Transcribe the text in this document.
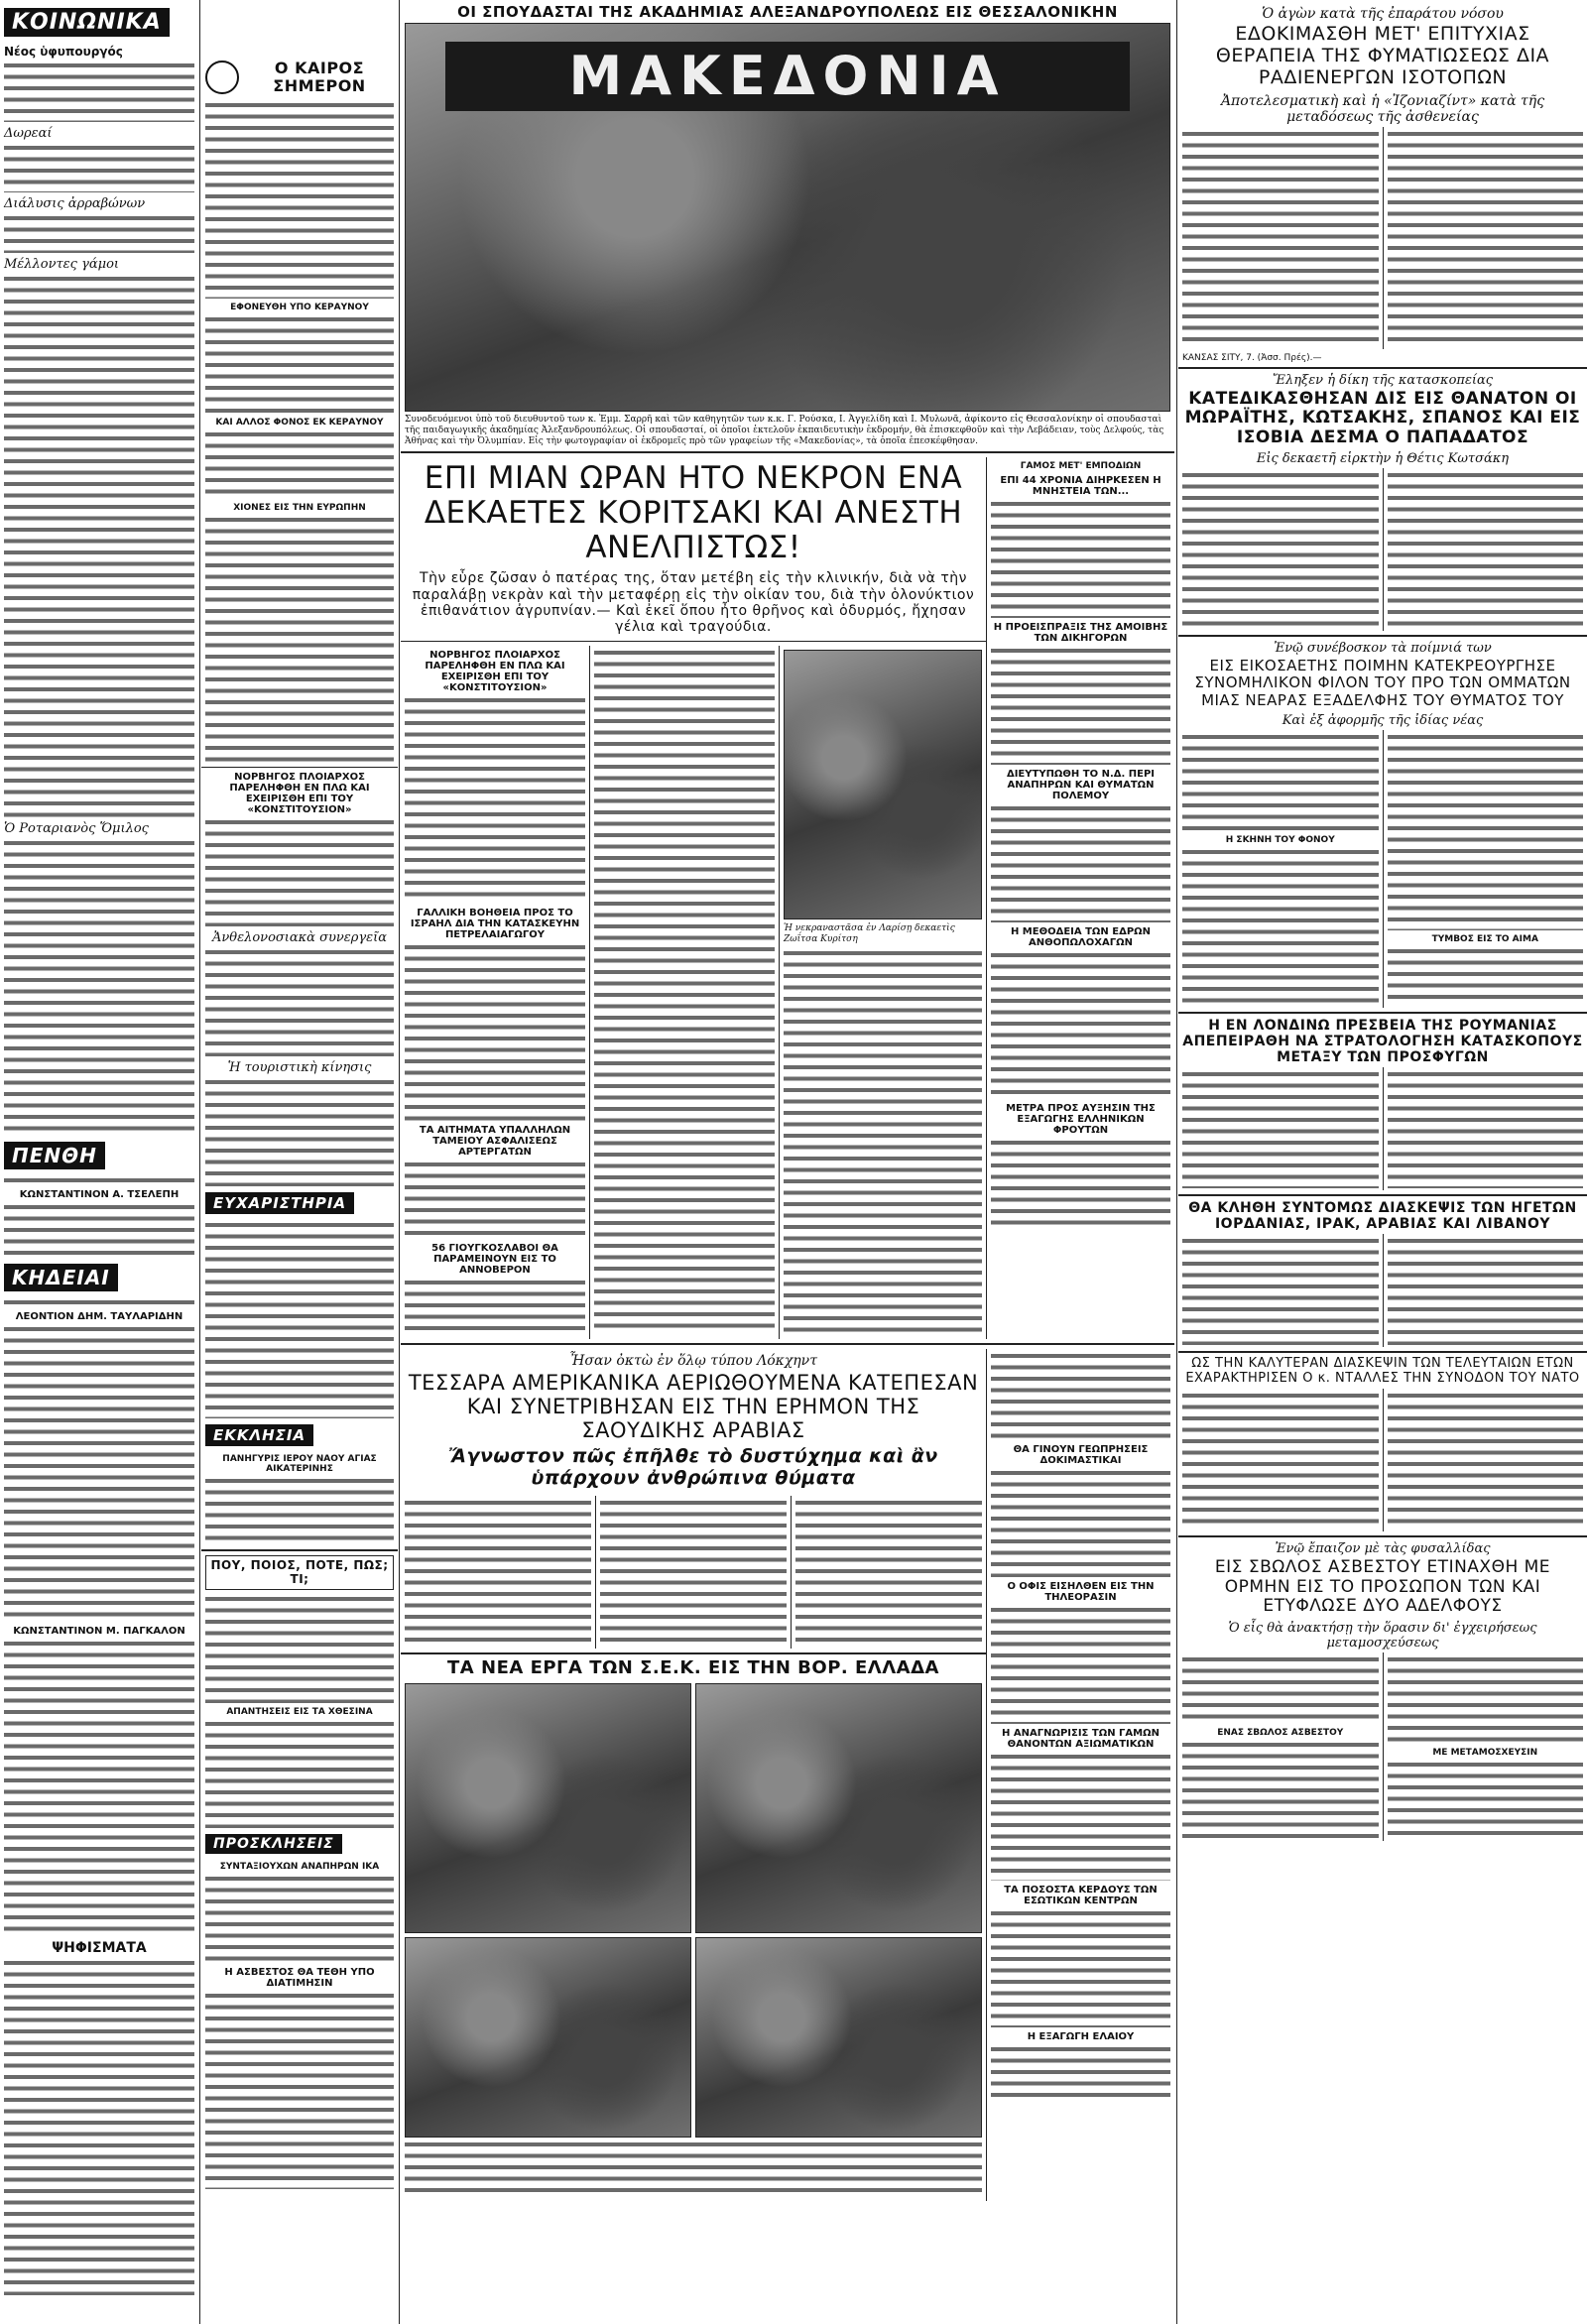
ΚΟΙΝΩΝΙΚΑ
Νέος ὑφυπουργός
Δωρεαί
Διάλυσις ἀρραβώνων
Μέλλοντες γάμοι
Ὁ Ροταριανὸς Ὅμιλος
ΠΕΝΘΗ
ΚΩΝΣΤΑΝΤΙΝΟΝ Α. ΤΣΕΛΕΠΗ
ΚΗΔΕΙΑΙ
ΛΕΟΝΤΙΟΝ ΔΗΜ. ΤΑΥΛΑΡΙΔΗΝ
ΚΩΝΣΤΑΝΤΙΝΟΝ Μ. ΠΑΓΚΑΛΟΝ
ΨΗΦΙΣΜΑΤΑ
Ο ΚΑΙΡΟΣ ΣΗΜΕΡΟΝ
ΕΦΟΝΕΥΘΗ ΥΠΟ ΚΕΡΑΥΝΟΥ
ΚΑΙ ΑΛΛΟΣ ΦΟΝΟΣ ΕΚ ΚΕΡΑΥΝΟΥ
ΧΙΟΝΕΣ ΕΙΣ ΤΗΝ ΕΥΡΩΠΗΝ
ΝΟΡΒΗΓΟΣ ΠΛΟΙΑΡΧΟΣ ΠΑΡΕΛΗΦΘΗ ΕΝ ΠΛΩ ΚΑΙ ΕΧΕΙΡΙΣΘΗ ΕΠΙ ΤΟΥ «ΚΟΝΣΤΙΤΟΥΣΙΟΝ»
Ἀνθελονοσιακὰ συνεργεῖα
Ἡ τουριστικὴ κίνησις
ΕΥΧΑΡΙΣΤΗΡΙΑ
ΕΚΚΛΗΣΙΑ
ΠΑΝΗΓΥΡΙΣ ΙΕΡΟΥ ΝΑΟΥ ΑΓΙΑΣ ΑΙΚΑΤΕΡΙΝΗΣ
ΠΟΥ, ΠΟΙΟΣ, ΠΟΤΕ, ΠΩΣ; ΤΙ;
ΑΠΑΝΤΗΣΕΙΣ ΕΙΣ ΤΑ ΧΘΕΣΙΝΑ
ΠΡΟΣΚΛΗΣΕΙΣ
ΣΥΝΤΑΞΙΟΥΧΩΝ ΑΝΑΠΗΡΩΝ ΙΚΑ
Η ΑΣΒΕΣΤΟΣ ΘΑ ΤΕΘΗ ΥΠΟ ΔΙΑΤΙΜΗΣΙΝ
ΟΙ ΣΠΟΥΔΑΣΤΑΙ ΤΗΣ ΑΚΑΔΗΜΙΑΣ ΑΛΕΞΑΝΔΡΟΥΠΟΛΕΩΣ ΕΙΣ ΘΕΣΣΑΛΟΝΙΚΗΝ
ΜΑΚΕΔΟΝΙΑ
Συνοδευόμενοι ὑπὸ τοῦ διευθυντοῦ των κ. Ἐμμ. Σαρρῆ καὶ τῶν καθηγητῶν των κ.κ. Γ. Ρούσκα, Ι. Ἀγγελίδη καὶ Ι. Μυλωνᾶ, ἀφίκοντο εἰς Θεσσαλονίκην οἱ σπουδασταὶ τῆς παιδαγωγικῆς ἀκαδημίας Ἀλεξανδρουπόλεως. Οἱ σπουδασταί, οἱ ὁποῖοι ἐκτελοῦν ἐκπαιδευτικὴν ἐκδρομήν, θὰ ἐπισκεφθοῦν καὶ τὴν Λεβάδειαν, τοὺς Δελφούς, τὰς Ἀθήνας καὶ τὴν Ὀλυμπίαν. Εἰς τὴν φωτογραφίαν οἱ ἐκδρομεῖς πρὸ τῶν γραφείων τῆς «Μακεδονίας», τὰ ὁποῖα ἐπεσκέφθησαν.
ΕΠΙ ΜΙΑΝ ΩΡΑΝ ΗΤΟ ΝΕΚΡΟΝ ΕΝΑ ΔΕΚΑΕΤΕΣ ΚΟΡΙΤΣΑΚΙ ΚΑΙ ΑΝΕΣΤΗ ΑΝΕΛΠΙΣΤΩΣ!
Τὴν εὗρε ζῶσαν ὁ πατέρας της, ὅταν μετέβη εἰς τὴν κλινικήν, διὰ νὰ τὴν παραλάβῃ νεκρὰν καὶ τὴν μεταφέρῃ εἰς τὴν οἰκίαν του, διὰ τὴν ὁλονύκτιον ἐπιθανάτιον ἀγρυπνίαν.— Καὶ ἐκεῖ ὅπου ἦτο θρῆνος καὶ ὀδυρμός, ἤχησαν γέλια καὶ τραγούδια.
ΝΟΡΒΗΓΟΣ ΠΛΟΙΑΡΧΟΣ ΠΑΡΕΛΗΦΘΗ ΕΝ ΠΛΩ ΚΑΙ ΕΧΕΙΡΙΣΘΗ ΕΠΙ ΤΟΥ «ΚΟΝΣΤΙΤΟΥΣΙΟΝ»
ΓΑΛΛΙΚΗ ΒΟΗΘΕΙΑ ΠΡΟΣ ΤΟ ΙΣΡΑΗΛ ΔΙΑ ΤΗΝ ΚΑΤΑΣΚΕΥΗΝ ΠΕΤΡΕΛΑΙΑΓΩΓΟΥ
ΤΑ ΑΙΤΗΜΑΤΑ ΥΠΑΛΛΗΛΩΝ ΤΑΜΕΙΟΥ ΑΣΦΑΛΙΣΕΩΣ ΑΡΤΕΡΓΑΤΩΝ
56 ΓΙΟΥΓΚΟΣΛΑΒΟΙ ΘΑ ΠΑΡΑΜΕΙΝΟΥΝ ΕΙΣ ΤΟ ΑΝΝΟΒΕΡΟΝ
Ἡ νεκραναστᾶσα ἐν Λαρίσῃ δεκαετὶς Ζωΐτσα Κυρίτση
ΓΑΜΟΣ ΜΕΤ' ΕΜΠΟΔΙΩΝ
ΕΠΙ 44 ΧΡΟΝΙΑ ΔΙΗΡΚΕΣΕΝ Η ΜΝΗΣΤΕΙΑ ΤΩΝ...
Η ΠΡΟΕΙΣΠΡΑΞΙΣ ΤΗΣ ΑΜΟΙΒΗΣ ΤΩΝ ΔΙΚΗΓΟΡΩΝ
ΔΙΕΥΤΥΠΩΘΗ ΤΟ Ν.Δ. ΠΕΡΙ ΑΝΑΠΗΡΩΝ ΚΑΙ ΘΥΜΑΤΩΝ ΠΟΛΕΜΟΥ
Η ΜΕΘΟΔΕΙΑ ΤΩΝ ΕΔΡΩΝ ΑΝΘΟΠΩΛΟΧΑΓΩΝ
ΜΕΤΡΑ ΠΡΟΣ ΑΥΞΗΣΙΝ ΤΗΣ ΕΞΑΓΩΓΗΣ ΕΛΛΗΝΙΚΩΝ ΦΡΟΥΤΩΝ
Ἦσαν ὀκτὼ ἐν ὅλῳ τύπου Λόκχηντ
ΤΕΣΣΑΡΑ ΑΜΕΡΙΚΑΝΙΚΑ ΑΕΡΙΩΘΟΥΜΕΝΑ ΚΑΤΕΠΕΣΑΝ ΚΑΙ ΣΥΝΕΤΡΙΒΗΣΑΝ ΕΙΣ ΤΗΝ ΕΡΗΜΟΝ ΤΗΣ ΣΑΟΥΔΙΚΗΣ ΑΡΑΒΙΑΣ
Ἄγνωστον πῶς ἐπῆλθε τὸ δυστύχημα καὶ ἂν ὑπάρχουν ἀνθρώπινα θύματα
ΤΑ ΝΕΑ ΕΡΓΑ ΤΩΝ Σ.Ε.Κ. ΕΙΣ ΤΗΝ ΒΟΡ. ΕΛΛΑΔΑ
ΘΑ ΓΙΝΟΥΝ ΓΕΩΠΡΗΣΕΙΣ ΔΟΚΙΜΑΣΤΙΚΑΙ
Ο ΟΦΙΣ ΕΙΣΗΛΘΕΝ ΕΙΣ ΤΗΝ ΤΗΛΕΟΡΑΣΙΝ
Η ΑΝΑΓΝΩΡΙΣΙΣ ΤΩΝ ΓΑΜΩΝ ΘΑΝΟΝΤΩΝ ΑΞΙΩΜΑΤΙΚΩΝ
ΤΑ ΠΟΣΟΣΤΑ ΚΕΡΔΟΥΣ ΤΩΝ ΕΣΩΤΙΚΩΝ ΚΕΝΤΡΩΝ
Η ΕΞΑΓΩΓΗ ΕΛΑΙΟΥ
Ὁ ἀγὼν κατὰ τῆς ἐπαράτου νόσου
ΕΔΟΚΙΜΑΣΘΗ ΜΕΤ' ΕΠΙΤΥΧΙΑΣ ΘΕΡΑΠΕΙΑ ΤΗΣ ΦΥΜΑΤΙΩΣΕΩΣ ΔΙΑ ΡΑΔΙΕΝΕΡΓΩΝ ΙΣΟΤΟΠΩΝ
Ἀποτελεσματικὴ καὶ ἡ «Ἰζονιαζίντ» κατὰ τῆς μεταδόσεως τῆς ἀσθενείας
ΚΑΝΣΑΣ ΣΙΤΥ, 7. (Ἀσσ. Πρές).—
Ἔληξεν ἡ δίκη τῆς κατασκοπείας
ΚΑΤΕΔΙΚΑΣΘΗΣΑΝ ΔΙΣ ΕΙΣ ΘΑΝΑΤΟΝ ΟΙ ΜΩΡΑΪΤΗΣ, ΚΩΤΣΑΚΗΣ, ΣΠΑΝΟΣ ΚΑΙ ΕΙΣ ΙΣΟΒΙΑ ΔΕΣΜΑ Ο ΠΑΠΑΔΑΤΟΣ
Εἰς δεκαετῆ εἱρκτὴν ἡ Θέτις Κωτσάκη
Ἐνῷ συνέβοσκον τὰ ποίμνιά των
ΕΙΣ ΕΙΚΟΣΑΕΤΗΣ ΠΟΙΜΗΝ ΚΑΤΕΚΡΕΟΥΡΓΗΣΕ ΣΥΝΟΜΗΛΙΚΟΝ ΦΙΛΟΝ ΤΟΥ ΠΡΟ ΤΩΝ ΟΜΜΑΤΩΝ ΜΙΑΣ ΝΕΑΡΑΣ ΕΞΑΔΕΛΦΗΣ ΤΟΥ ΘΥΜΑΤΟΣ ΤΟΥ
Καὶ ἐξ ἀφορμῆς τῆς ἰδίας νέας
Η ΣΚΗΝΗ ΤΟΥ ΦΟΝΟΥ
ΤΥΜΒΟΣ ΕΙΣ ΤΟ ΑΙΜΑ
Η ΕΝ ΛΟΝΔΙΝΩ ΠΡΕΣΒΕΙΑ ΤΗΣ ΡΟΥΜΑΝΙΑΣ ΑΠΕΠΕΙΡΑΘΗ ΝΑ ΣΤΡΑΤΟΛΟΓΗΣΗ ΚΑΤΑΣΚΟΠΟΥΣ ΜΕΤΑΞΥ ΤΩΝ ΠΡΟΣΦΥΓΩΝ
ΘΑ ΚΛΗΘΗ ΣΥΝΤΟΜΩΣ ΔΙΑΣΚΕΨΙΣ ΤΩΝ ΗΓΕΤΩΝ ΙΟΡΔΑΝΙΑΣ, ΙΡΑΚ, ΑΡΑΒΙΑΣ ΚΑΙ ΛΙΒΑΝΟΥ
ΩΣ ΤΗΝ ΚΑΛΥΤΕΡΑΝ ΔΙΑΣΚΕΨΙΝ ΤΩΝ ΤΕΛΕΥΤΑΙΩΝ ΕΤΩΝ ΕΧΑΡΑΚΤΗΡΙΣΕΝ Ο κ. ΝΤΑΛΛΕΣ ΤΗΝ ΣΥΝΟΔΟΝ ΤΟΥ ΝΑΤΟ
Ἐνῷ ἔπαιζον μὲ τὰς φυσαλλίδας
ΕΙΣ ΣΒΩΛΟΣ ΑΣΒΕΣΤΟΥ ΕΤΙΝΑΧΘΗ ΜΕ ΟΡΜΗΝ ΕΙΣ ΤΟ ΠΡΟΣΩΠΟΝ ΤΩΝ ΚΑΙ ΕΤΥΦΛΩΣΕ ΔΥΟ ΑΔΕΛΦΟΥΣ
Ὁ εἷς θὰ ἀνακτήσῃ τὴν ὅρασιν δι' ἐγχειρήσεως μεταμοσχεύσεως
ΕΝΑΣ ΣΒΩΛΟΣ ΑΣΒΕΣΤΟΥ
ΜΕ ΜΕΤΑΜΟΣΧΕΥΣΙΝ
